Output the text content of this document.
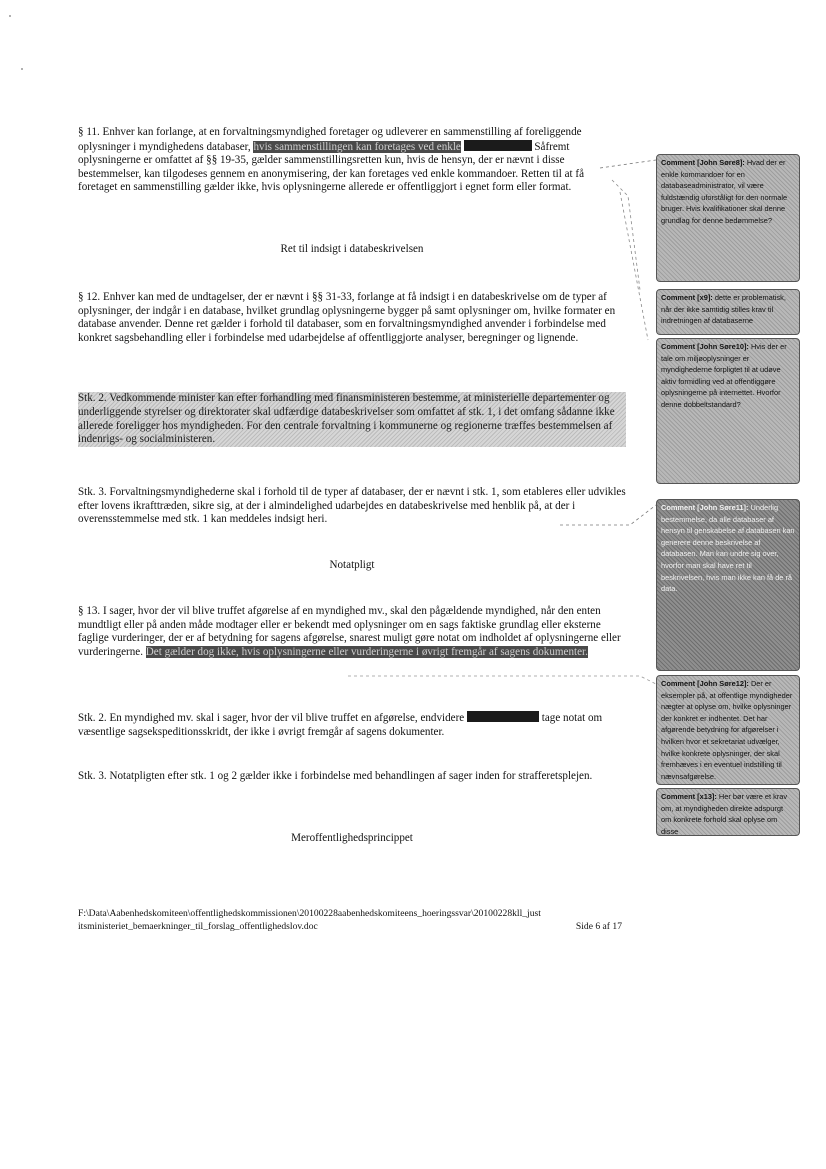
§ 11. Enhver kan forlange, at en forvaltningsmyndighed foretager og udleverer en sammenstilling af foreliggende oplysninger i myndighedens databaser, hvis sammenstillingen kan foretages ved enkle	Såfremt oplysningerne er omfattet af §§ 19-35, gælder sammenstillingsretten kun, hvis de hensyn, der er nævnt i disse bestemmelser, kan tilgodeses gennem en anonymisering, der kan foretages ved enkle kommandoer. Retten til at få foretaget en sammenstilling gælder ikke, hvis oplysningerne allerede er offentliggjort i egnet form eller format.
Ret til indsigt i databeskrivelsen
§ 12. Enhver kan med de undtagelser, der er nævnt i §§ 31-33, forlange at få indsigt i en databeskrivelse om de typer af oplysninger, der indgår i en database, hvilket grundlag oplysningerne bygger på samt oplysninger om, hvilke formater en database anvender. Denne ret gælder i forhold til databaser, som en forvaltningsmyndighed anvender i forbindelse med konkret sagsbehandling eller i forbindelse med udarbejdelse af offentliggjorte analyser, beregninger og lignende.
Stk. 2. Vedkommende minister kan efter forhandling med finansministeren bestemme, at ministerielle departementer og underliggende styrelser og direktorater skal udfærdige databeskrivelser som omfattet af stk. 1, i det omfang sådanne ikke allerede foreligger hos myndigheden. For den centrale forvaltning i kommunerne og regionerne træffes bestemmelsen af indenrigs- og socialministeren.
Stk. 3. Forvaltningsmyndighederne skal i forhold til de typer af databaser, der er nævnt i stk. 1, som etableres eller udvikles efter lovens ikrafttræden, sikre sig, at der i almindelighed udarbejdes en databeskrivelse med henblik på, at der i overensstemmelse med stk. 1 kan meddeles indsigt heri.
Notatpligt
§ 13. I sager, hvor der vil blive truffet afgørelse af en myndighed mv., skal den pågældende myndighed, når den enten mundtligt eller på anden måde modtager eller er bekendt med oplysninger om en sags faktiske grundlag eller eksterne faglige vurderinger, der er af betydning for sagens afgørelse, snarest muligt gøre notat om indholdet af oplysningerne eller vurderingerne. Det gælder dog ikke, hvis oplysningerne eller vurderingerne i øvrigt fremgår af sagens dokumenter.
Stk. 2. En myndighed mv. skal i sager, hvor der vil blive truffet en afgørelse, endvidere	tage notat om væsentlige sagsekspeditionsskridt, der ikke i øvrigt fremgår af sagens dokumenter.
Stk. 3. Notatpligten efter stk. 1 og 2 gælder ikke i forbindelse med behandlingen af sager inden for strafferetsplejen.
Meroffentlighedsprincippet
Comment [John Søre8]: Hvad der er enkle kommandoer for en databaseadministrator, vil være fuldstændig uforståligt for den normale bruger. Hvis kvalifikationer skal denne grundlag for denne bedømmelse?
Comment [x9]: dette er problematisk, når der ikke samtidig stilles krav til indretningen af databaserne
Comment [John Søre10]: Hvis der er tale om miljøoplysninger er myndighederne forpligtet til at udøve aktiv formidling ved at offentliggøre oplysningerne på internettet. Hvorfor denne dobbeltstandard?
Comment [John Søre11]: Underlig bestemmelse, da alle databaser af hensyn til genskabelse af databasen kan generere denne beskrivelse af databasen. Man kan undre sig over, hvorfor man skal have ret til beskrivelsen, hvis man ikke kan få de rå data.
Comment [John Søre12]: Der er eksempler på, at offentlige myndigheder nægter at oplyse om, hvilke oplysninger der konkret er indhentet. Det har afgørende betydning for afgørelser i hvilken hvor et sekretariat udvælger, hvilke konkrete oplysninger, der skal fremhæves i en eventuel indstilling til nævnsafgørelse.
Comment [x13]: Her bør være et krav om, at myndigheden direkte adspurgt om konkrete forhold skal oplyse om disse
F:\Data\Aabenhedskomiteen\offentlighedskommissionen\20100228aabenhedskomiteens_hoeringssvar\20100228kll_just itsministeriet_bemaerkninger_til_forslag_offentlighedslov.doc	Side 6 af 17
